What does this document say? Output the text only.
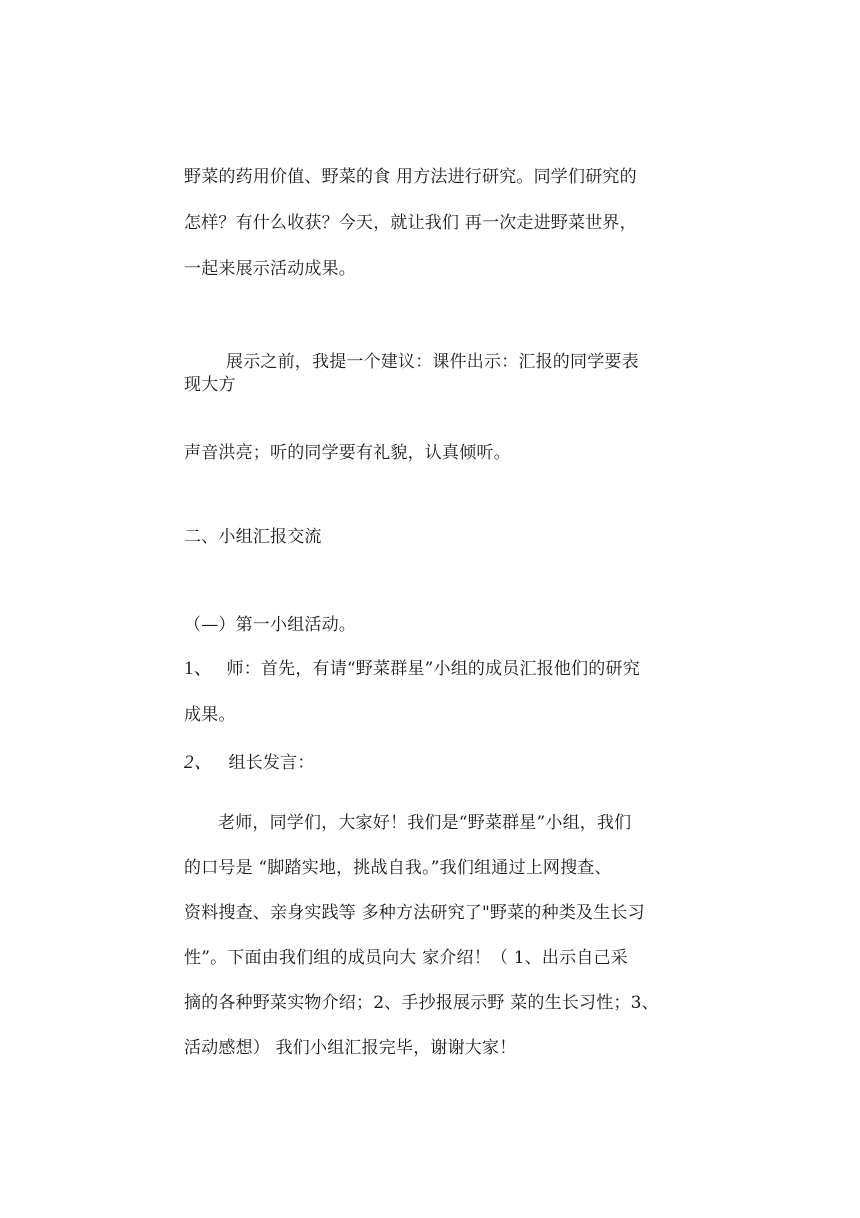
野菜的药用价值、野菜的食 用方法进行研究。同学们研究的
怎样？有什么收获？今天，就让我们 再一次走进野菜世界，
一起来展示活动成果。
展示之前，我提一个建议：课件出示：汇报的同学要表
现大方
声音洪亮；听的同学要有礼貌，认真倾听。
二、小组汇报交流
（—）第一小组活动。
1、 师：首先，有请“野菜群星”小组的成员汇报他们的研究
成果。
2、 组长发言：
老师，同学们，大家好！我们是“野菜群星”小组，我们
的口号是 “脚踏实地，挑战自我。”我们组通过上网搜查、
资料搜查、亲身实践等 多种方法研究了"野菜的种类及生长习
性”。下面由我们组的成员向大 家介绍！（ 1、出示自己采
摘的各种野菜实物介绍；2、手抄报展示野 菜的生长习性；3、
活动感想） 我们小组汇报完毕，谢谢大家！
